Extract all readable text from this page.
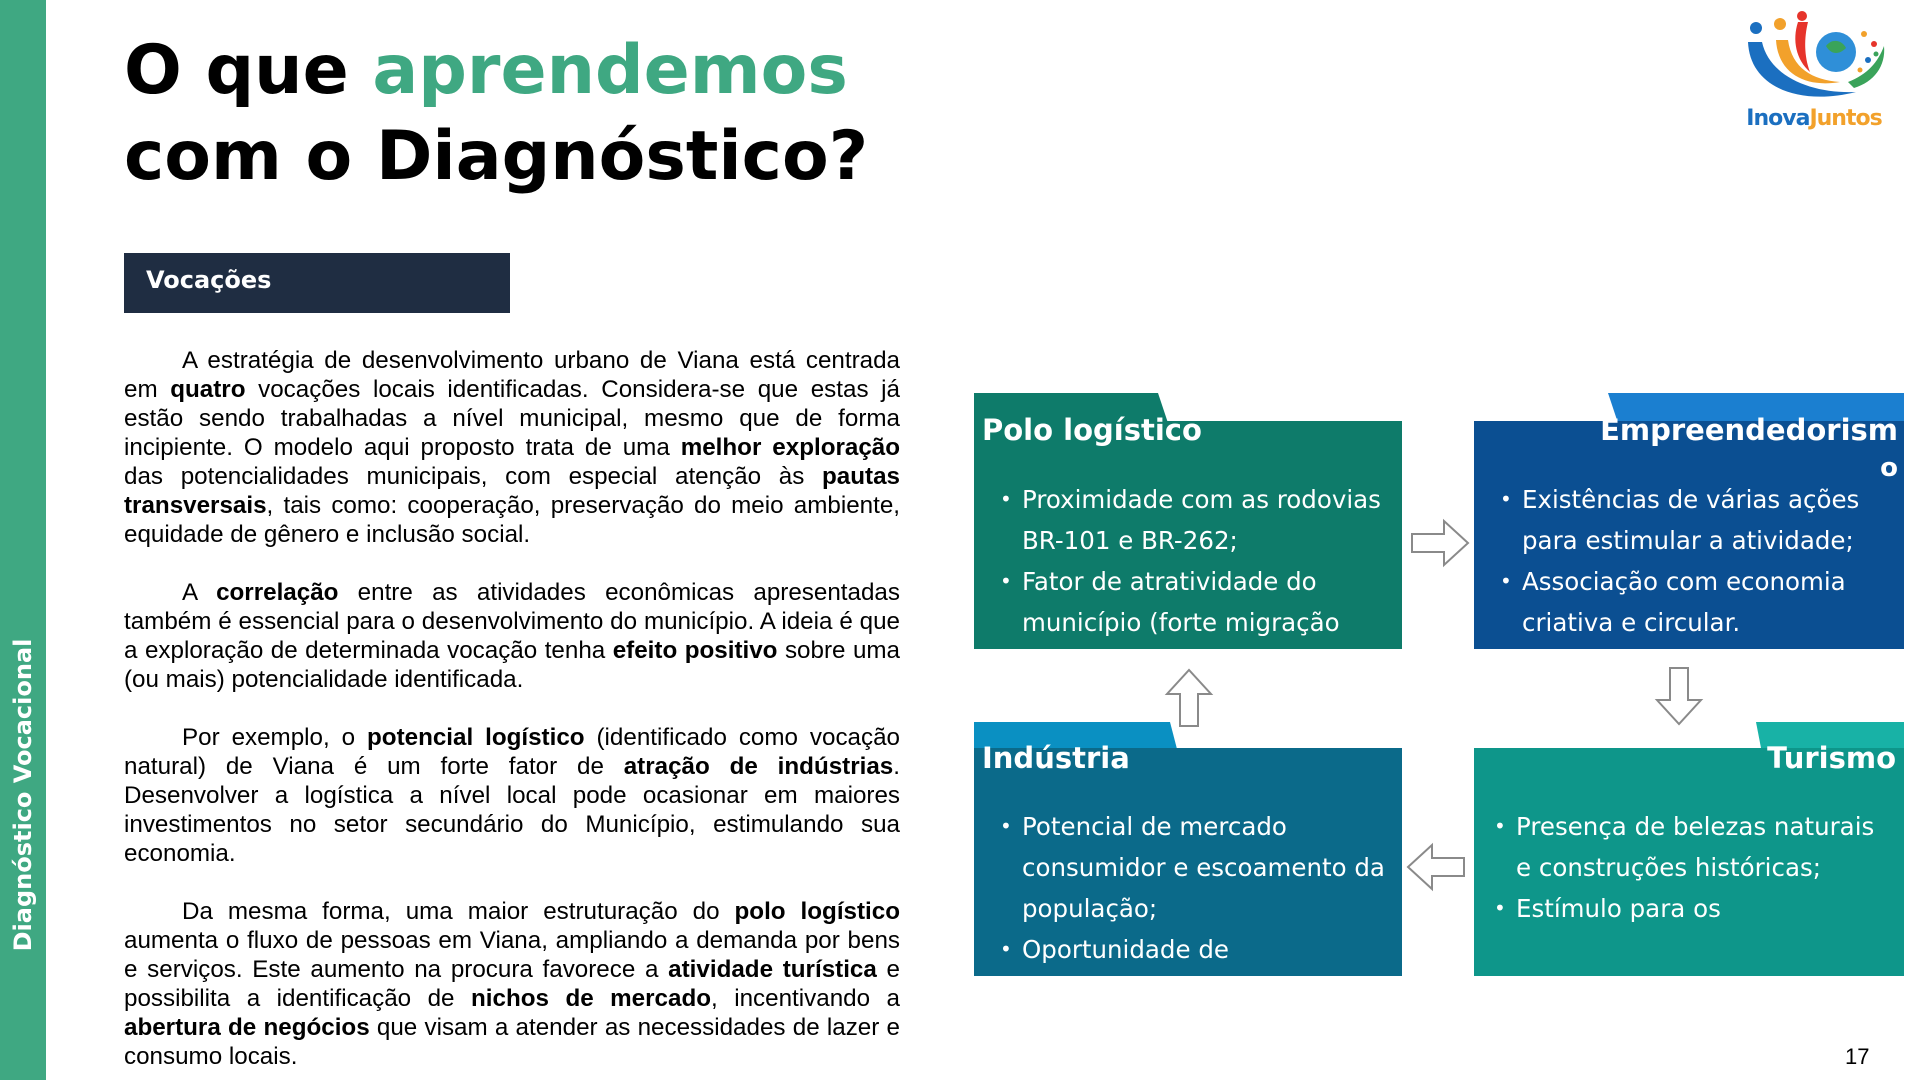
Diagnóstico Vocacional
O que aprendemos
com o Diagnóstico?	InovaJuntos
Vocações

A estratégia de desenvolvimento urbano de Viana está centrada em quatro vocações locais identificadas. Considera-se que estas já estão sendo trabalhadas a nível municipal, mesmo que de forma incipiente. O modelo aqui proposto trata de uma melhor exploração das potencialidades municipais, com especial atenção às pautas transversais, tais como: cooperação, preservação do meio ambiente, equidade de gênero e inclusão social.

A correlação entre as atividades econômicas apresentadas também é essencial para o desenvolvimento do município. A ideia é que a exploração de determinada vocação tenha efeito positivo sobre uma (ou mais) potencialidade identificada.

Por exemplo, o potencial logístico (identificado como vocação natural) de Viana é um forte fator de atração de indústrias. Desenvolver a logística a nível local pode ocasionar em maiores investimentos no setor secundário do Município, estimulando sua economia.

Da mesma forma, uma maior estruturação do polo logístico aumenta o fluxo de pessoas em Viana, ampliando a demanda por bens e serviços. Este aumento na procura favorece a atividade turística e possibilita a identificação de nichos de mercado, incentivando a abertura de negócios que visam a atender as necessidades de lazer e consumo locais.

Polo logístico
• Proximidade com as rodovias BR-101 e BR-262;
• Fator de atratividade do município (forte migração para
Empreendedorism
o
• Existências de várias ações para estimular a atividade;
• Associação com economia criativa e circular.
Indústria
• Potencial de mercado consumidor e escoamento da população;
• Oportunidade de
Turismo
• Presença de belezas naturais e construções históricas;
• Estímulo para os
17
